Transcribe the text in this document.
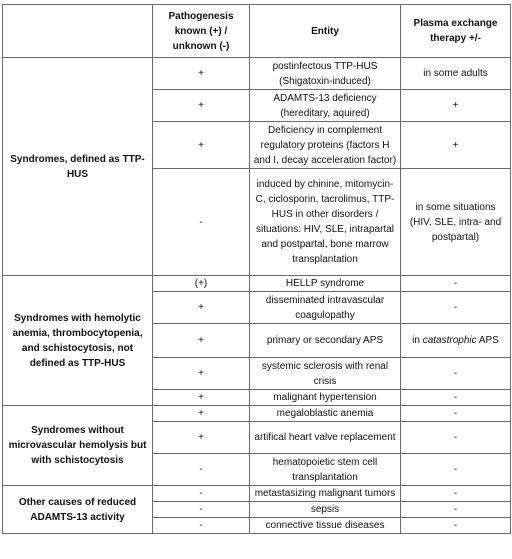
	Pathogenesis known (+) / unknown (-)	Entity	Plasma exchange therapy +/-
Syndromes, defined as TTP-HUS	+	postinfectous TTP-HUS (Shigatoxin-induced)	in some adults
	+	ADAMTS-13 deficiency (hereditary, aquired)	+
	+	Deficiency in complement regulatory proteins (factors H and I, decay acceleration factor)	+
	-	induced by chinine, mitomycin-C, ciclosporin, tacrolimus, TTP-HUS in other disorders / situations: HIV, SLE, intrapartal and postpartal, bone marrow transplantation	in some situations (HIV, SLE, intra- and postpartal)
Syndromes with hemolytic anemia, thrombocytopenia, and schistocytosis, not defined as TTP-HUS	(+)	HELLP syndrome	-
	+	disseminated intravascular coagulopathy	-
	+	primary or secondary APS	in catastrophic APS
	+	systemic sclerosis with renal crisis	-
	+	malignant hypertension	-
Syndromes without microvascular hemolysis but with schistocytosis	+	megaloblastic anemia	-
	+	artifical heart valve replacement	-
	-	hematopoietic stem cell transplantation	-
Other causes of reduced ADAMTS-13 activity	-	metastasizing malignant tumors	-
	-	sepsis	-
	-	connective tissue diseases	-
